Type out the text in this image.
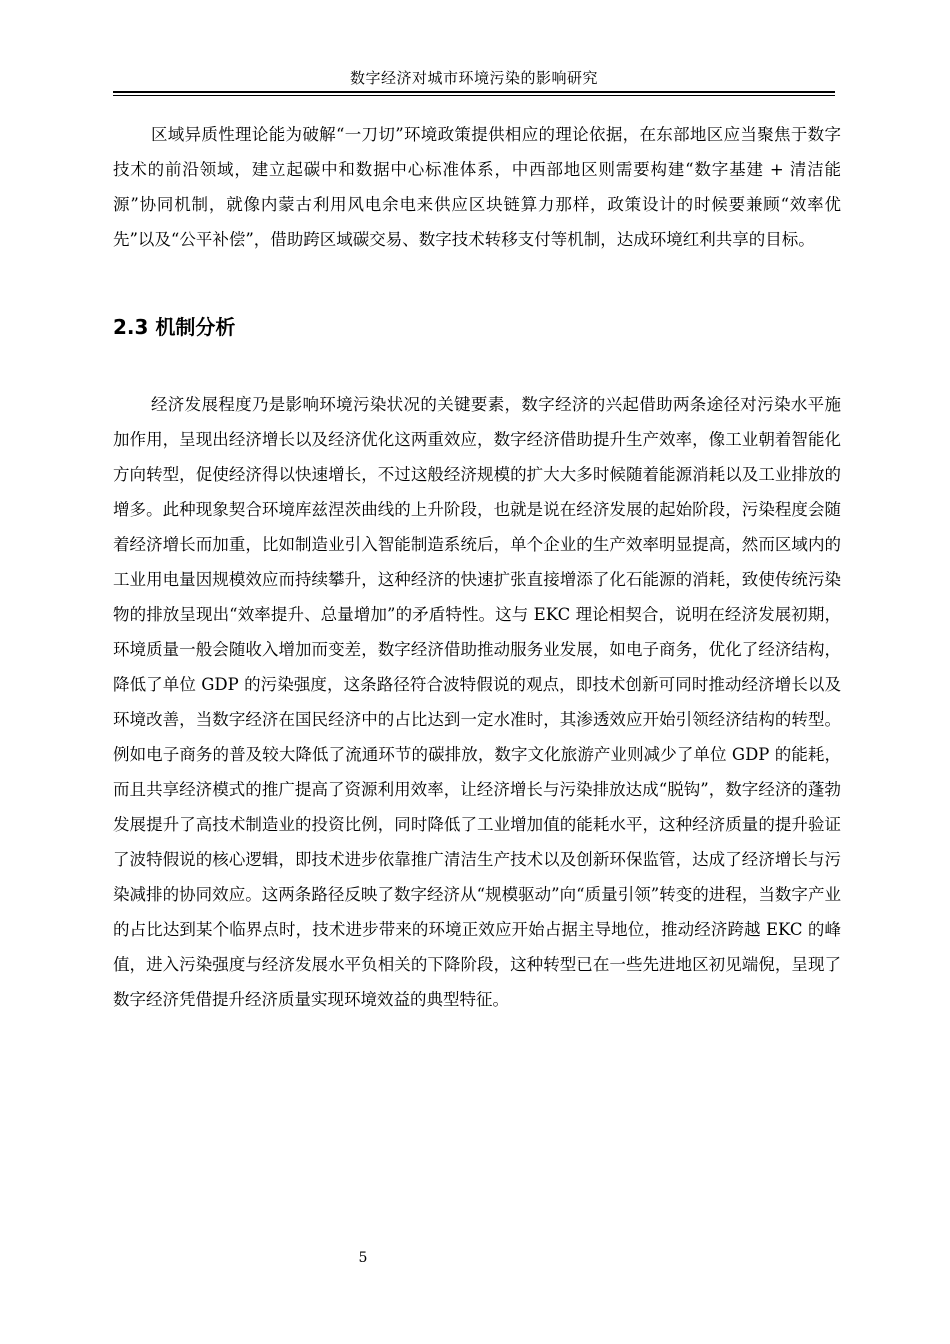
数字经济对城市环境污染的影响研究

区域异质性理论能为破解“一刀切”环境政策提供相应的理论依据，在东部地区应当聚焦于数字技术的前沿领域，建立起碳中和数据中心标准体系，中西部地区则需要构建“数字基建 + 清洁能源”协同机制，就像内蒙古利用风电余电来供应区块链算力那样，政策设计的时候要兼顾“效率优先”以及“公平补偿”，借助跨区域碳交易、数字技术转移支付等机制，达成环境红利共享的目标。

2.3 机制分析

经济发展程度乃是影响环境污染状况的关键要素，数字经济的兴起借助两条途径对污染水平施加作用，呈现出经济增长以及经济优化这两重效应，数字经济借助提升生产效率，像工业朝着智能化方向转型，促使经济得以快速增长，不过这般经济规模的扩大大多时候随着能源消耗以及工业排放的增多。此种现象契合环境库兹涅茨曲线的上升阶段，也就是说在经济发展的起始阶段，污染程度会随着经济增长而加重，比如制造业引入智能制造系统后，单个企业的生产效率明显提高，然而区域内的工业用电量因规模效应而持续攀升，这种经济的快速扩张直接增添了化石能源的消耗，致使传统污染物的排放呈现出“效率提升、总量增加”的矛盾特性。这与 EKC 理论相契合，说明在经济发展初期，环境质量一般会随收入增加而变差，数字经济借助推动服务业发展，如电子商务，优化了经济结构，降低了单位 GDP 的污染强度，这条路径符合波特假说的观点，即技术创新可同时推动经济增长以及环境改善，当数字经济在国民经济中的占比达到一定水准时，其渗透效应开始引领经济结构的转型。例如电子商务的普及较大降低了流通环节的碳排放，数字文化旅游产业则减少了单位 GDP 的能耗，而且共享经济模式的推广提高了资源利用效率，让经济增长与污染排放达成“脱钩”，数字经济的蓬勃发展提升了高技术制造业的投资比例，同时降低了工业增加值的能耗水平，这种经济质量的提升验证了波特假说的核心逻辑，即技术进步依靠推广清洁生产技术以及创新环保监管，达成了经济增长与污染减排的协同效应。这两条路径反映了数字经济从“规模驱动”向“质量引领”转变的进程，当数字产业的占比达到某个临界点时，技术进步带来的环境正效应开始占据主导地位，推动经济跨越 EKC 的峰值，进入污染强度与经济发展水平负相关的下降阶段，这种转型已在一些先进地区初见端倪，呈现了数字经济凭借提升经济质量实现环境效益的典型特征。

5
